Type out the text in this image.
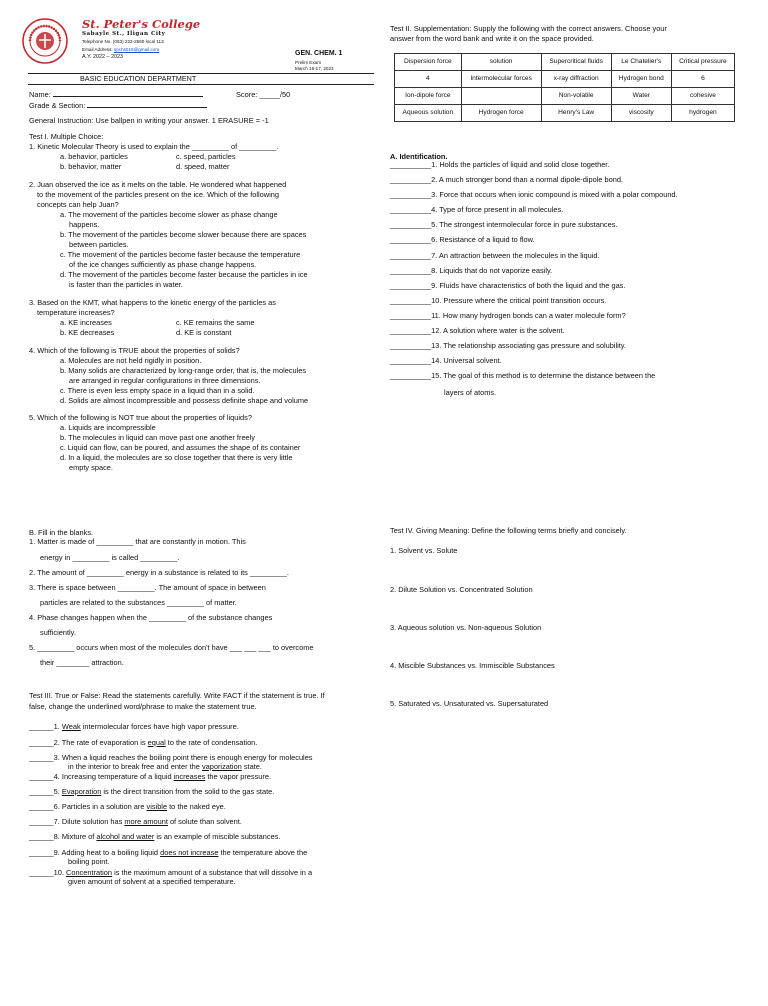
St. Peter's College
Sabayle St., Iligan City
Telephone No. (063) 222-2660 local 113
Email Address: spchs018@gmail.com
A.Y. 2022 – 2023	GEN. CHEM. 1
Prelim Exam
March 16-17, 2023
BASIC EDUCATION DEPARTMENT
Name:	Score: _____/50
Grade & Section:
General Instruction: Use ballpen in writing your answer. 1 ERASURE = -1
Test I. Multiple Choice:
1. Kinetic Molecular Theory is used to explain the _________ of _________.
a. behavior, particles	c. speed, particles
b. behavior, matter	d. speed, matter
2. Juan observed the ice as it melts on the table. He wondered what happened
to the movement of the particles present on the ice. Which of the following
concepts can help Juan?
a. The movement of the particles become slower as phase change
happens.
b. The movement of the particles become slower because there are spaces
between particles.
c. The movement of the particles become faster because the temperature
of the ice changes sufficiently as phase change happens.
d. The movement of the particles become faster because the particles in ice
is faster than the particles in water.
3. Based on the KMT, what happens to the kinetic energy of the particles as
temperature increases?
a. KE increases	c. KE remains the same
b. KE decreases	d. KE is constant
4. Which of the following is TRUE about the properties of solids?
a. Molecules are not held rigidly in position.
b. Many solids are characterized by long-range order, that is, the molecules
are arranged in regular configurations in three dimensions.
c. There is even less empty space in a liquid than in a solid.
d. Solids are almost incompressible and possess definite shape and volume
5. Which of the following is NOT true about the properties of liquids?
a. Liquids are incompressible
b. The molecules in liquid can move past one another freely
c. Liquid can flow, can be poured, and assumes the shape of its container
d. In a liquid, the molecules are so close together that there is very little
empty space.
B. Fill in the blanks.
1. Matter is made of _________ that are constantly in motion. This
energy in _________ is called _________.
2. The amount of _________ energy in a substance is related to its _________.
3. There is space between _________. The amount of space in between
particles are related to the substances _________ of matter.
4. Phase changes happen when the _________ of the substance changes
sufficiently.
5. _________ occurs when most of the molecules don't have ___ ___ ___ to overcome
their ________ attraction.
Test III. True or False: Read the statements carefully. Write FACT if the statement is true. If
false, change the underlined word/phrase to make the statement true.
______1. Weak intermolecular forces have high vapor pressure.
______2. The rate of evaporation is equal to the rate of condensation.
______3. When a liquid reaches the boiling point there is enough energy for molecules
in the interior to break free and enter the vaporization state.
______4. Increasing temperature of a liquid increases the vapor pressure.
______5. Evaporation is the direct transition from the solid to the gas state.
______6. Particles in a solution are visible to the naked eye.
______7. Dilute solution has more amount of solute than solvent.
______8. Mixture of alcohol and water is an example of miscible substances.
______9. Adding heat to a boiling liquid does not increase the temperature above the
boiling point.
______10. Concentration is the maximum amount of a substance that will dissolve in a
given amount of solvent at a specified temperature.
Test II. Supplementation: Supply the following with the correct answers. Choose your
answer from the word bank and write it on the space provided.
Dispersion force	solution	Supercritical fluids	Le Chatelier's	Critical pressure
4	Intermolecular forces	x-ray diffraction	Hydrogen bond	6
Ion-dipole force		Non-volatile	Water	cohesive
Aqueous solution	Hydrogen force	Henry's Law	viscosity	hydrogen
A. Identification.
__________1. Holds the particles of liquid and solid close together.
__________2. A much stronger bond than a normal dipole-dipole bond.
__________3. Force that occurs when ionic compound is mixed with a polar compound.
__________4. Type of force present in all molecules.
__________5. The strongest intermolecular force in pure substances.
__________6. Resistance of a liquid to flow.
__________7. An attraction between the molecules in the liquid.
__________8. Liquids that do not vaporize easily.
__________9. Fluids have characteristics of both the liquid and the gas.
__________10. Pressure where the critical point transition occurs.
__________11. How many hydrogen bonds can a water molecule form?
__________12. A solution where water is the solvent.
__________13. The relationship associating gas pressure and solubility.
__________14. Universal solvent.
__________15. The goal of this method is to determine the distance between the
layers of atoms.
Test IV. Giving Meaning: Define the following terms briefly and concisely.
1. Solvent vs. Solute
2. Dilute Solution vs. Concentrated Solution
3. Aqueous solution vs. Non-aqueous Solution
4. Miscible Substances vs. Immiscible Substances
5. Saturated vs. Unsaturated vs. Supersaturated
